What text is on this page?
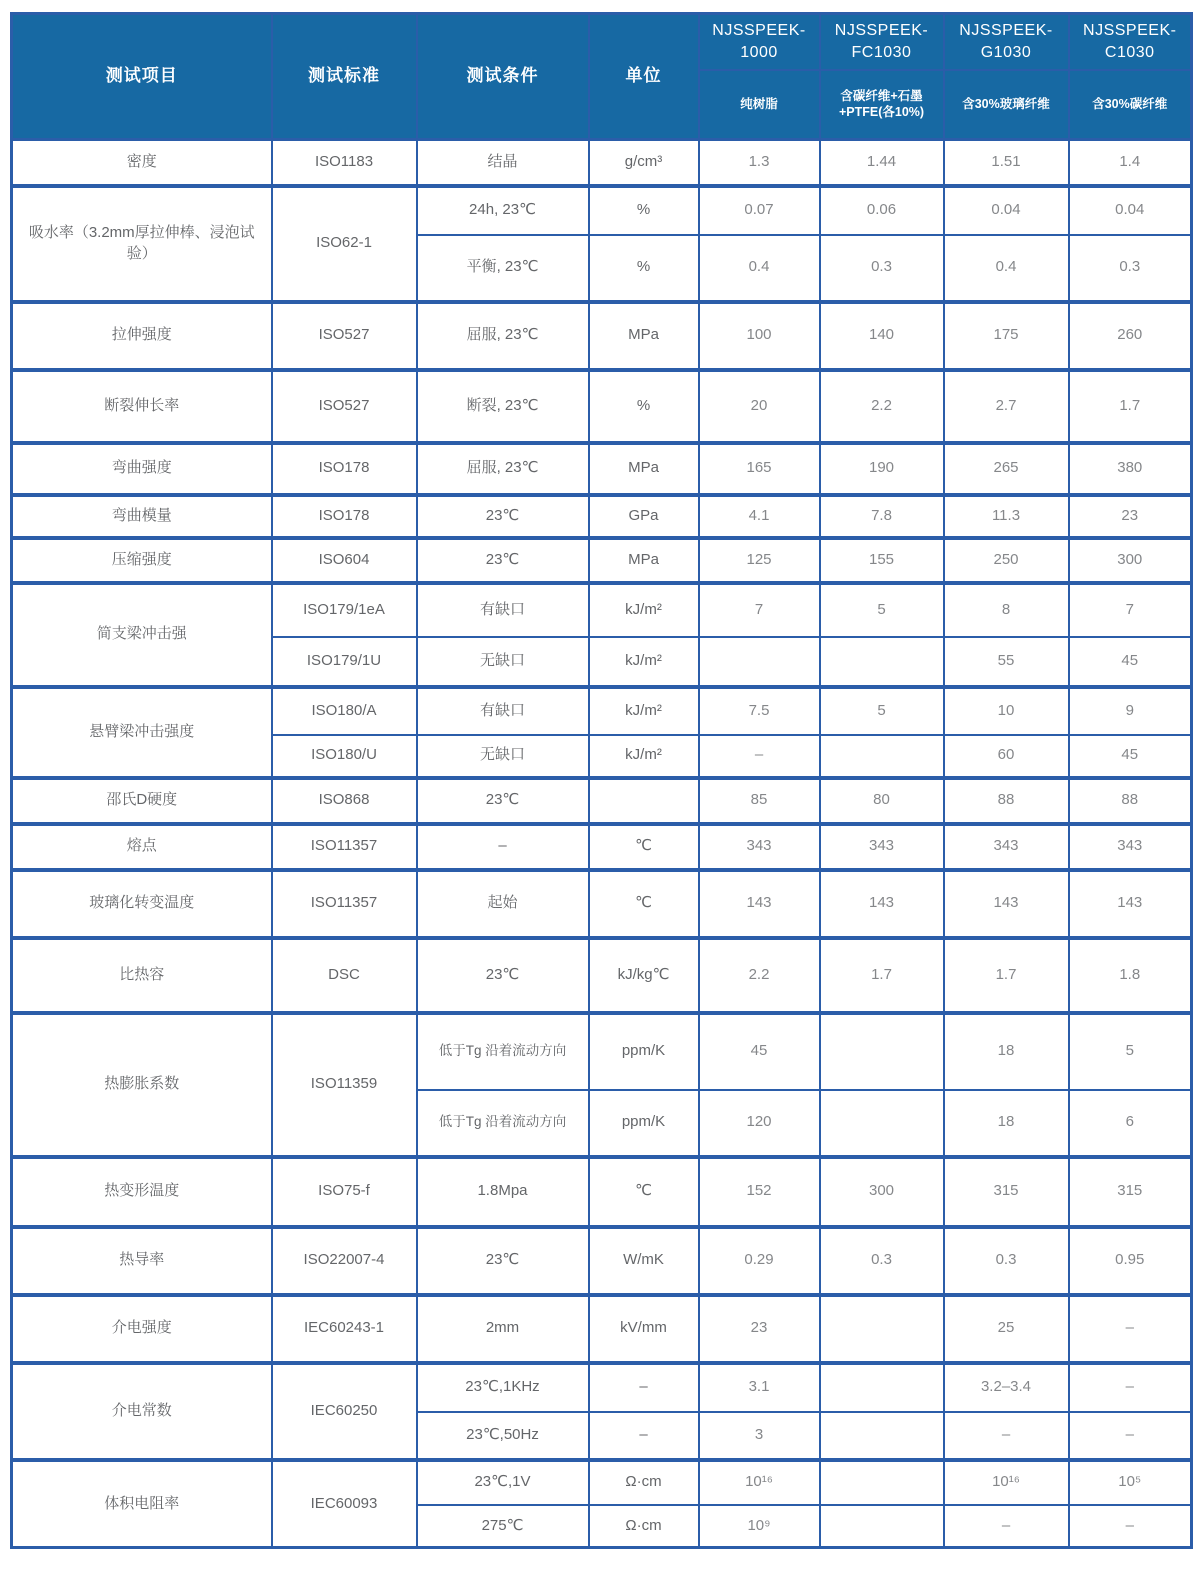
测试项目	测试标准	测试条件	单位	NJSSPEEK-1000	NJSSPEEK-FC1030	NJSSPEEK-G1030	NJSSPEEK-C1030
				纯树脂	含碳纤维+石墨+PTFE(各10%)	含30%玻璃纤维	含30%碳纤维
密度	ISO1183	结晶	g/cm³	1.3	1.44	1.51	1.4
吸水率（3.2mm厚拉伸棒、浸泡试验）	ISO62-1	24h, 23℃	%	0.07	0.06	0.04	0.04
		平衡, 23℃	%	0.4	0.3	0.4	0.3
拉伸强度	ISO527	屈服, 23℃	MPa	100	140	175	260
断裂伸长率	ISO527	断裂, 23℃	%	20	2.2	2.7	1.7
弯曲强度	ISO178	屈服, 23℃	MPa	165	190	265	380
弯曲模量	ISO178	23℃	GPa	4.1	7.8	11.3	23
压缩强度	ISO604	23℃	MPa	125	155	250	300
简支梁冲击强	ISO179/1eA	有缺口	kJ/m²	7	5	8	7
	ISO179/1U	无缺口	kJ/m²			55	45
悬臂梁冲击强度	ISO180/A	有缺口	kJ/m²	7.5	5	10	9
	ISO180/U	无缺口	kJ/m²	–		60	45
邵氏D硬度	ISO868	23℃		85	80	88	88
熔点	ISO11357	–	℃	343	343	343	343
玻璃化转变温度	ISO11357	起始	℃	143	143	143	143
比热容	DSC	23℃	kJ/kg℃	2.2	1.7	1.7	1.8
热膨胀系数	ISO11359	低于Tg 沿着流动方向	ppm/K	45		18	5
		低于Tg 沿着流动方向	ppm/K	120		18	6
热变形温度	ISO75-f	1.8Mpa	℃	152	300	315	315
热导率	ISO22007-4	23℃	W/mK	0.29	0.3	0.3	0.95
介电强度	IEC60243-1	2mm	kV/mm	23		25	–
介电常数	IEC60250	23℃,1KHz	–	3.1		3.2–3.4	–
		23℃,50Hz	–	3		–	–
体积电阻率	IEC60093	23℃,1V	Ω·cm	10¹⁶		10¹⁶	10⁵
		275℃	Ω·cm	10⁹		–	–
